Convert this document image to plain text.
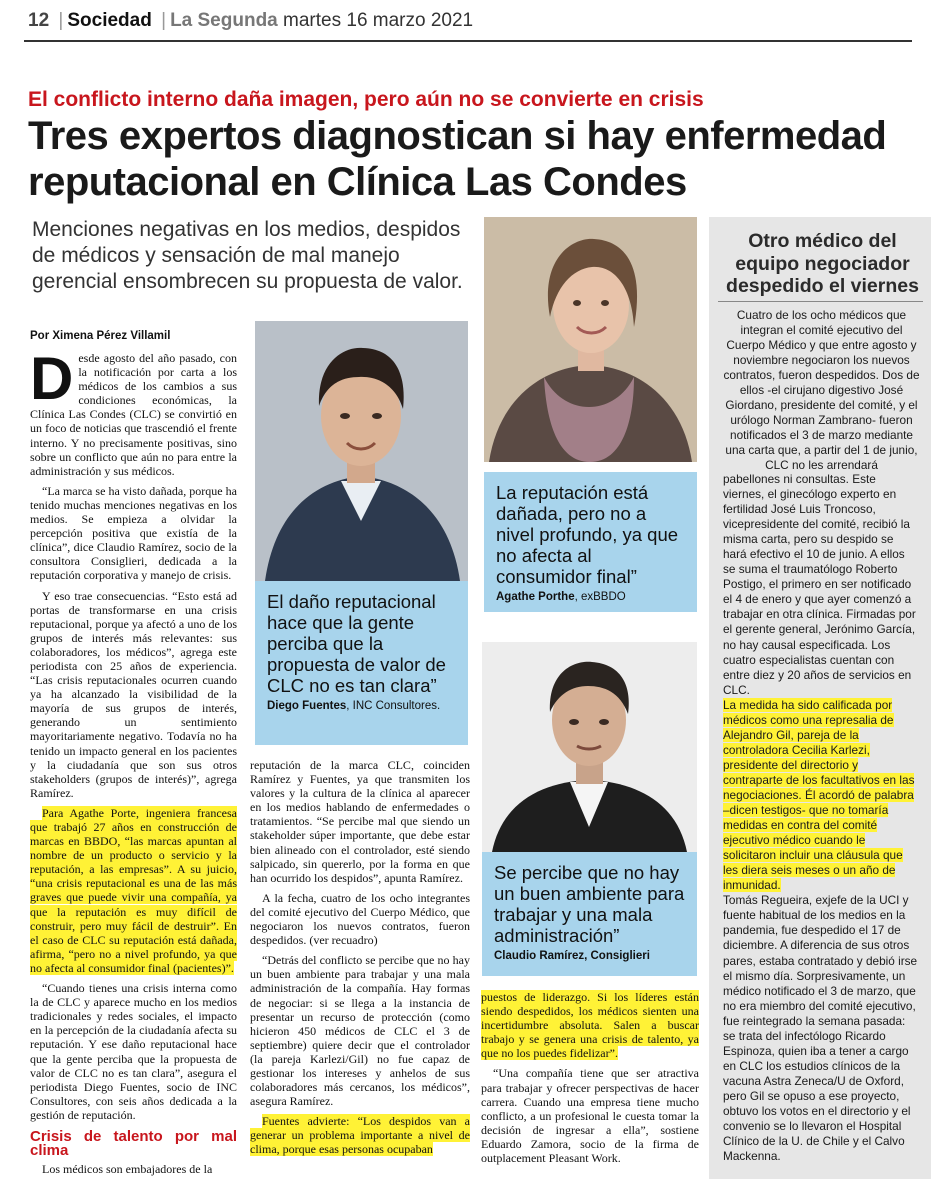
12 | Sociedad | La Segunda martes 16 marzo 2021
El conflicto interno daña imagen, pero aún no se convierte en crisis
Tres expertos diagnostican si hay enfermedad reputacional en Clínica Las Condes
Menciones negativas en los medios, despidos de médicos y sensación de mal manejo gerencial ensombrecen su propuesta de valor.
Por Ximena Pérez Villamil

Desde agosto del año pasado, con la notificación por carta a los médicos de los cambios a sus condiciones económicas, la Clínica Las Condes (CLC) se convirtió en un foco de noticias que trascendió el frente interno. Y no precisamente positivas, sino sobre un conflicto que aún no para entre la administración y sus médicos.

“La marca se ha visto dañada, porque ha tenido muchas menciones negativas en los medios. Se empieza a olvidar la percepción positiva que existía de la clínica”, dice Claudio Ramírez, socio de la consultora Consiglieri, dedicada a la reputación corporativa y manejo de crisis.

Y eso trae consecuencias. “Esto está ad portas de transformarse en una crisis reputacional, porque ya afectó a uno de los grupos de interés más relevantes: sus colaboradores, los médicos”, agrega este periodista con 25 años de experiencia. “Las crisis reputacionales ocurren cuando ya ha alcanzado la visibilidad de la mayoría de sus grupos de interés, generando un sentimiento mayoritariamente negativo. Todavía no ha tenido un impacto general en los pacientes y la ciudadanía que son sus otros stakeholders (grupos de interés)”, agrega Ramírez.

Para Agathe Porte, ingeniera francesa que trabajó 27 años en construcción de marcas en BBDO, “las marcas apuntan al nombre de un producto o servicio y la reputación, a las empresas”. A su juicio, “una crisis reputacional es una de las más graves que puede vivir una compañía, ya que la reputación es muy difícil de construir, pero muy fácil de destruir”. En el caso de CLC su reputación está dañada, afirma, “pero no a nivel profundo, ya que no afecta al consumidor final (pacientes)”.

“Cuando tienes una crisis interna como la de CLC y aparece mucho en los medios tradicionales y redes sociales, el impacto en la percepción de la ciudadanía afecta su reputación. Y ese daño reputacional hace que la gente perciba que la propuesta de valor de CLC no es tan clara”, asegura el periodista Diego Fuentes, socio de INC Consultores, con seis años dedicada a la gestión de reputación.

Crisis de talento por mal clima

Los médicos son embajadores de la

El daño reputacional hace que la gente perciba que la propuesta de valor de CLC no es tan clara”
Diego Fuentes, INC Consultores.
La reputación está dañada, pero no a nivel profundo, ya que no afecta al consumidor final”
Agathe Porthe, exBBDO
Se percibe que no hay un buen ambiente para trabajar y una mala administración”
Claudio Ramírez, Consiglieri

reputación de la marca CLC, coinciden Ramírez y Fuentes, ya que transmiten los valores y la cultura de la clínica al aparecer en los medios hablando de enfermedades o tratamientos. “Se percibe mal que siendo un stakeholder súper importante, que debe estar bien alineado con el controlador, esté siendo salpicado, sin quererlo, por la forma en que han ocurrido los despidos”, apunta Ramírez.

A la fecha, cuatro de los ocho integrantes del comité ejecutivo del Cuerpo Médico, que negociaron los nuevos contratos, fueron despedidos. (ver recuadro)

“Detrás del conflicto se percibe que no hay un buen ambiente para trabajar y una mala administración de la compañía. Hay formas de negociar: si se llega a la instancia de presentar un recurso de protección (como hicieron 450 médicos de CLC el 3 de septiembre) quiere decir que el controlador (la pareja Karlezi/Gil) no fue capaz de gestionar los intereses y anhelos de sus colaboradores más cercanos, los médicos”, asegura Ramírez.

Fuentes advierte: “Los despidos van a generar un problema importante a nivel de clima, porque esas personas ocupaban

puestos de liderazgo. Si los líderes están siendo despedidos, los médicos sienten una incertidumbre absoluta. Salen a buscar trabajo y se genera una crisis de talento, ya que no los puedes fidelizar”.

“Una compañía tiene que ser atractiva para trabajar y ofrecer perspectivas de hacer carrera. Cuando una empresa tiene mucho conflicto, a un profesional le cuesta tomar la decisión de ingresar a ella”, sostiene Eduardo Zamora, socio de la firma de outplacement Pleasant Work.

Otro médico del equipo negociador despedido el viernes
Cuatro de los ocho médicos que integran el comité ejecutivo del Cuerpo Médico y que entre agosto y noviembre negociaron los nuevos contratos, fueron despedidos. Dos de ellos -el cirujano digestivo José Giordano, presidente del comité, y el urólogo Norman Zambrano- fueron notificados el 3 de marzo mediante una carta que, a partir del 1 de junio, CLC no les arrendará

pabellones ni consultas. Este viernes, el ginecólogo experto en fertilidad José Luis Troncoso, vicepresidente del comité, recibió la misma carta, pero su despido se hará efectivo el 10 de junio. A ellos se suma el traumatólogo Roberto Postigo, el primero en ser notificado el 4 de enero y que ayer comenzó a trabajar en otra clínica. Firmadas por el gerente general, Jerónimo García, no hay causal especificada. Los cuatro especialistas cuentan con entre diez y 20 años de servicios en CLC.

La medida ha sido calificada por médicos como una represalia de Alejandro Gil, pareja de la controladora Cecilia Karlezi, presidente del directorio y contraparte de los facultativos en las negociaciones. Él acordó de palabra –dicen testigos- que no tomaría medidas en contra del comité ejecutivo médico cuando le solicitaron incluir una cláusula que les diera seis meses o un año de inmunidad.

Tomás Regueira, exjefe de la UCI y fuente habitual de los medios en la pandemia, fue despedido el 17 de diciembre. A diferencia de sus otros pares, estaba contratado y debió irse el mismo día. Sorpresivamente, un médico notificado el 3 de marzo, que no era miembro del comité ejecutivo, fue reintegrado la semana pasada: se trata del infectólogo Ricardo Espinoza, quien iba a tener a cargo en CLC los estudios clínicos de la vacuna Astra Zeneca/U de Oxford, pero Gil se opuso a ese proyecto, obtuvo los votos en el directorio y el convenio se lo llevaron el Hospital Clínico de la U. de Chile y el Calvo Mackenna.
